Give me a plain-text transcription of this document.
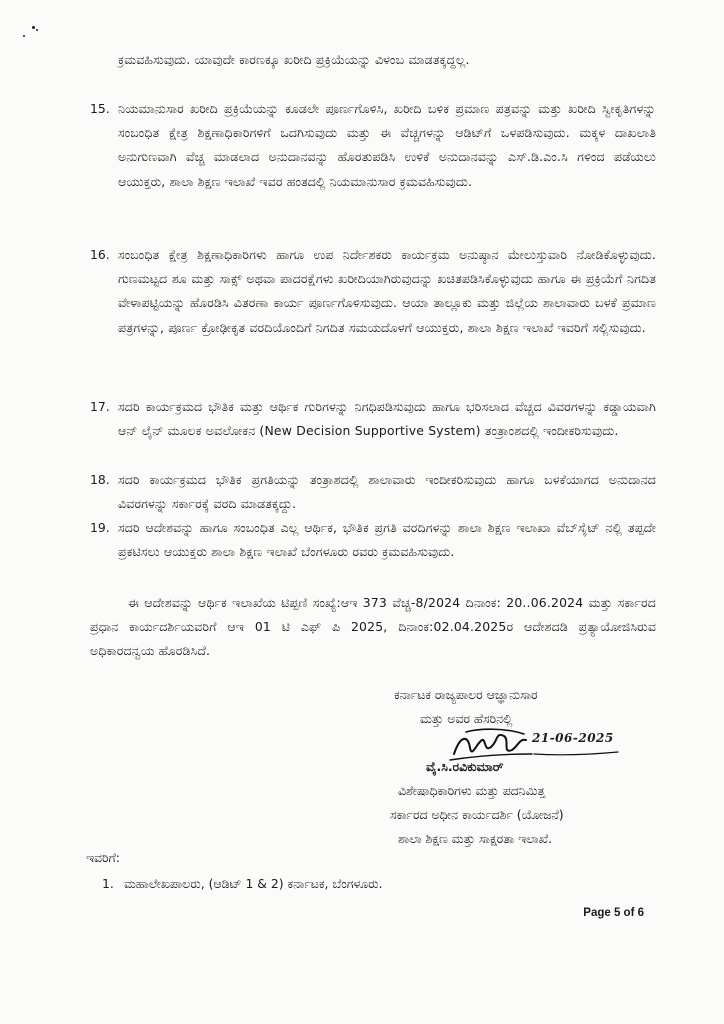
ಕ್ರಮವಹಿಸುವುದು. ಯಾವುದೇ ಕಾರಣಕ್ಕೂ ಖರೀದಿ ಪ್ರಕ್ರಿಯೆಯನ್ನು ವಿಳಂಬ ಮಾಡತಕ್ಕದ್ದಲ್ಲ.
15. ನಿಯಮಾನುಸಾರ ಖರೀದಿ ಪ್ರಕ್ರಿಯೆಯನ್ನು ಕೂಡಲೇ ಪೂರ್ಣಗೊಳಿಸಿ, ಖರೀದಿ ಬಳಿಕ ಪ್ರಮಾಣ ಪತ್ರವನ್ನು ಮತ್ತು ಖರೀದಿ ಸ್ವೀಕೃತಿಗಳನ್ನು ಸಂಬಂಧಿತ ಕ್ಷೇತ್ರ ಶಿಕ್ಷಣಾಧಿಕಾರಿಗಳಿಗೆ ಒದಗಿಸುವುದು ಮತ್ತು ಈ ವೆಚ್ಚಗಳನ್ನು ಆಡಿಟ್‌ಗೆ ಒಳಪಡಿಸುವುದು. ಮಕ್ಕಳ ದಾಖಲಾತಿ ಅನುಗುಣವಾಗಿ ವೆಚ್ಚ ಮಾಡಲಾದ ಅನುದಾನವನ್ನು ಹೊರತುಪಡಿಸಿ ಉಳಿಕೆ ಅನುದಾನವನ್ನು ಎಸ್.ಡಿ.ಎಂ.ಸಿ ಗಳಿಂದ ಪಡೆಯಲು ಆಯುಕ್ತರು, ಶಾಲಾ ಶಿಕ್ಷಣ ಇಲಾಖೆ ಇವರ ಹಂತದಲ್ಲಿ ನಿಯಮಾನುಸಾರ ಕ್ರಮವಹಿಸುವುದು.
16. ಸಂಬಂಧಿತ ಕ್ಷೇತ್ರ ಶಿಕ್ಷಣಾಧಿಕಾರಿಗಳು ಹಾಗೂ ಉಪ ನಿರ್ದೇಶಕರು ಕಾರ್ಯಕ್ರಮ ಅನುಷ್ಠಾನ ಮೇಲುಸ್ತುವಾರಿ ನೋಡಿಕೊಳ್ಳುವುದು. ಗುಣಮಟ್ಟದ ಶೂ ಮತ್ತು ಸಾಕ್ಸ್ ಅಥವಾ ಪಾದರಕ್ಷೆಗಳು ಖರೀದಿಯಾಗಿರುವುದನ್ನು ಖಚಿತಪಡಿಸಿಕೊಳ್ಳುವುದು ಹಾಗೂ ಈ ಪ್ರಕ್ರಿಯೆಗೆ ನಿಗದಿತ ವೇಳಾಪಟ್ಟಿಯನ್ನು ಹೊರಡಿಸಿ ವಿತರಣಾ ಕಾರ್ಯ ಪೂರ್ಣಗೊಳಿಸುವುದು. ಆಯಾ ತಾಲ್ಲೂಕು ಮತ್ತು ಜಿಲ್ಲೆಯ ಶಾಲಾವಾರು ಬಳಕೆ ಪ್ರಮಾಣ ಪತ್ರಗಳನ್ನು, ಪೂರ್ಣ ಕ್ರೋಢೀಕೃತ ವರದಿಯೊಂದಿಗೆ ನಿಗದಿತ ಸಮಯದೊಳಗೆ ಆಯುಕ್ತರು, ಶಾಲಾ ಶಿಕ್ಷಣ ಇಲಾಖೆ ಇವರಿಗೆ ಸಲ್ಲಿಸುವುದು.
17. ಸದರಿ ಕಾರ್ಯಕ್ರಮದ ಭೌತಿಕ ಮತ್ತು ಆರ್ಥಿಕ ಗುರಿಗಳನ್ನು ನಿಗಧಿಪಡಿಸುವುದು ಹಾಗೂ ಭರಿಸಲಾದ ವೆಚ್ಚದ ವಿವರಗಳನ್ನು ಕಡ್ಡಾಯವಾಗಿ ಆನ್ ಲೈನ್ ಮೂಲಕ ಅವಲೋಕನ (New Decision Supportive System) ತಂತ್ರಾಂಶದಲ್ಲಿ ಇಂದೀಕರಿಸುವುದು.
18. ಸದರಿ ಕಾರ್ಯಕ್ರಮದ ಭೌತಿಕ ಪ್ರಗತಿಯನ್ನು ತಂತ್ರಾಶದಲ್ಲಿ ಶಾಲಾವಾರು ಇಂದೀಕರಿಸುವುದು ಹಾಗೂ ಬಳಕೆಯಾಗದ ಅನುದಾನದ ವಿವರಗಳನ್ನು ಸರ್ಕಾರಕ್ಕೆ ವರದಿ ಮಾಡತಕ್ಕದ್ದು.
19. ಸದರಿ ಆದೇಶವನ್ನು ಹಾಗೂ ಸಂಬಂಧಿತ ಎಲ್ಲ ಆರ್ಥಿಕ, ಭೌತಿಕ ಪ್ರಗತಿ ವರದಿಗಳನ್ನು ಶಾಲಾ ಶಿಕ್ಷಣ ಇಲಾಖಾ ವೆಬ್‌ಸೈಟ್ ನಲ್ಲಿ ತಪ್ಪದೇ ಪ್ರಕಟಿಸಲು ಆಯುಕ್ತರು ಶಾಲಾ ಶಿಕ್ಷಣ ಇಲಾಖೆ ಬೆಂಗಳೂರು ರವರು ಕ್ರಮವಹಿಸುವುದು.
ಈ ಆದೇಶವನ್ನು ಆರ್ಥಿಕ ಇಲಾಖೆಯ ಟಿಪ್ಪಣಿ ಸಂಖ್ಯೆ:ಆಇ 373 ವೆಚ್ಚ-8/2024 ದಿನಾಂಕ: 20..06.2024 ಮತ್ತು ಸರ್ಕಾರದ ಪ್ರಧಾನ ಕಾರ್ಯದರ್ಶಿಯವರಿಗೆ ಆಇ 01 ಟಿ ಎಫ್ ಪಿ 2025, ದಿನಾಂಕ:02.04.2025ರ ಆದೇಶದಡಿ ಪ್ರತ್ಯಾಯೋಜಿಸಿರುವ ಅಧಿಕಾರದನ್ವಯ ಹೊರಡಿಸಿದೆ.
ಕರ್ನಾಟಕ ರಾಜ್ಯಪಾಲರ ಆಜ್ಞಾನುಸಾರ
ಮತ್ತು ಅವರ ಹೆಸರಿನಲ್ಲಿ
21-06-2025
ವೈ.ಸಿ.ರವಿಕುಮಾರ್
ವಿಶೇಷಾಧಿಕಾರಿಗಳು ಮತ್ತು ಪದನಿಮಿತ್ತ
ಸರ್ಕಾರದ ಅಧೀನ ಕಾರ್ಯದರ್ಶಿ (ಯೋಜನೆ)
ಶಾಲಾ ಶಿಕ್ಷಣ ಮತ್ತು ಸಾಕ್ಷರತಾ ಇಲಾಖೆ.
ಇವರಿಗೆ:
1. ಮಹಾಲೇಖಪಾಲರು, (ಆಡಿಟ್ 1 & 2) ಕರ್ನಾಟಕ, ಬೆಂಗಳೂರು.
Page 5 of 6
